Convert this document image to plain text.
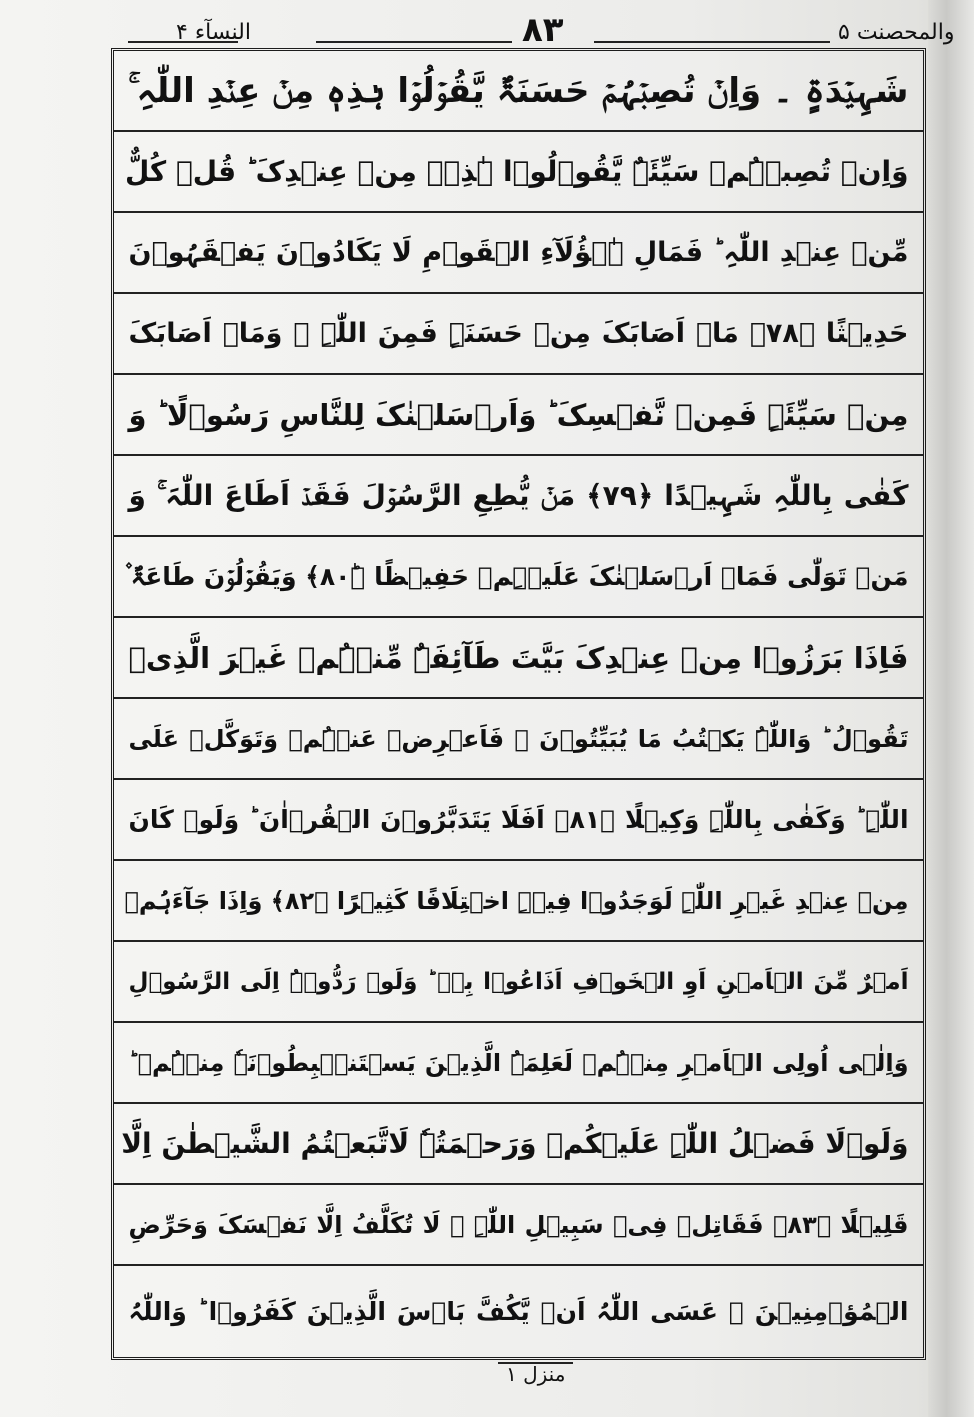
النسآء ۴	۸۳	والمحصنت ۵
شَہِیۡدَۃٍ ۔ وَاِنۡ تُصِبۡہُمۡ حَسَنَۃٌ یَّقُوۡلُوۡا ہٰذِہٖ مِنۡ عِنۡدِ اللّٰہِ ۚ
وَاِنۡ تُصِبۡہُمۡ سَیِّئَۃٌ یَّقُوۡلُوۡا ہٰذِہٖ مِنۡ عِنۡدِکَ ؕ قُلۡ کُلٌّ
مِّنۡ عِنۡدِ اللّٰہِ ؕ فَمَالِ ہٰۤؤُلَآءِ الۡقَوۡمِ لَا یَکَادُوۡنَ یَفۡقَہُوۡنَ
حَدِیۡثًا ﴿۷۸﴾ مَاۤ اَصَابَکَ مِنۡ حَسَنَۃٍ فَمِنَ اللّٰہِ ۫ وَمَاۤ اَصَابَکَ
مِنۡ سَیِّئَۃٍ فَمِنۡ نَّفۡسِکَ ؕ وَاَرۡسَلۡنٰکَ لِلنَّاسِ رَسُوۡلًا ؕ وَ
کَفٰی بِاللّٰہِ شَہِیۡدًا ﴿۷۹﴾ مَنۡ یُّطِعِ الرَّسُوۡلَ فَقَدۡ اَطَاعَ اللّٰہَ ۚ وَ
مَنۡ تَوَلّٰی فَمَاۤ اَرۡسَلۡنٰکَ عَلَیۡہِمۡ حَفِیۡظًا ﴿ؕ۸۰﴾ وَیَقُوۡلُوۡنَ طَاعَۃٌ ۫
فَاِذَا بَرَزُوۡا مِنۡ عِنۡدِکَ بَیَّتَ طَآئِفَۃٌ مِّنۡہُمۡ غَیۡرَ الَّذِیۡ
تَقُوۡلُ ؕ وَاللّٰہُ یَکۡتُبُ مَا یُبَیِّتُوۡنَ ۚ فَاَعۡرِضۡ عَنۡہُمۡ وَتَوَکَّلۡ عَلَی
اللّٰہِ ؕ وَکَفٰی بِاللّٰہِ وَکِیۡلًا ﴿۸۱﴾ اَفَلَا یَتَدَبَّرُوۡنَ الۡقُرۡاٰنَ ؕ وَلَوۡ کَانَ
مِنۡ عِنۡدِ غَیۡرِ اللّٰہِ لَوَجَدُوۡا فِیۡہِ اخۡتِلَافًا کَثِیۡرًا ﴿۸۲﴾ وَاِذَا جَآءَہُمۡ
اَمۡرٌ مِّنَ الۡاَمۡنِ اَوِ الۡخَوۡفِ اَذَاعُوۡا بِہٖ ؕ وَلَوۡ رَدُّوۡہُ اِلَی الرَّسُوۡلِ
وَاِلٰۤی اُولِی الۡاَمۡرِ مِنۡہُمۡ لَعَلِمَہُ الَّذِیۡنَ یَسۡتَنۡۢبِطُوۡنَہٗ مِنۡہُمۡ ؕ
وَلَوۡلَا فَضۡلُ اللّٰہِ عَلَیۡکُمۡ وَرَحۡمَتُہٗ لَاتَّبَعۡتُمُ الشَّیۡطٰنَ اِلَّا
قَلِیۡلًا ﴿۸۳﴾ فَقَاتِلۡ فِیۡ سَبِیۡلِ اللّٰہِ ۚ لَا تُکَلَّفُ اِلَّا نَفۡسَکَ وَحَرِّضِ
الۡمُؤۡمِنِیۡنَ ۚ عَسَی اللّٰہُ اَنۡ یَّکُفَّ بَاۡسَ الَّذِیۡنَ کَفَرُوۡا ؕ وَاللّٰہُ
منزل ۱
